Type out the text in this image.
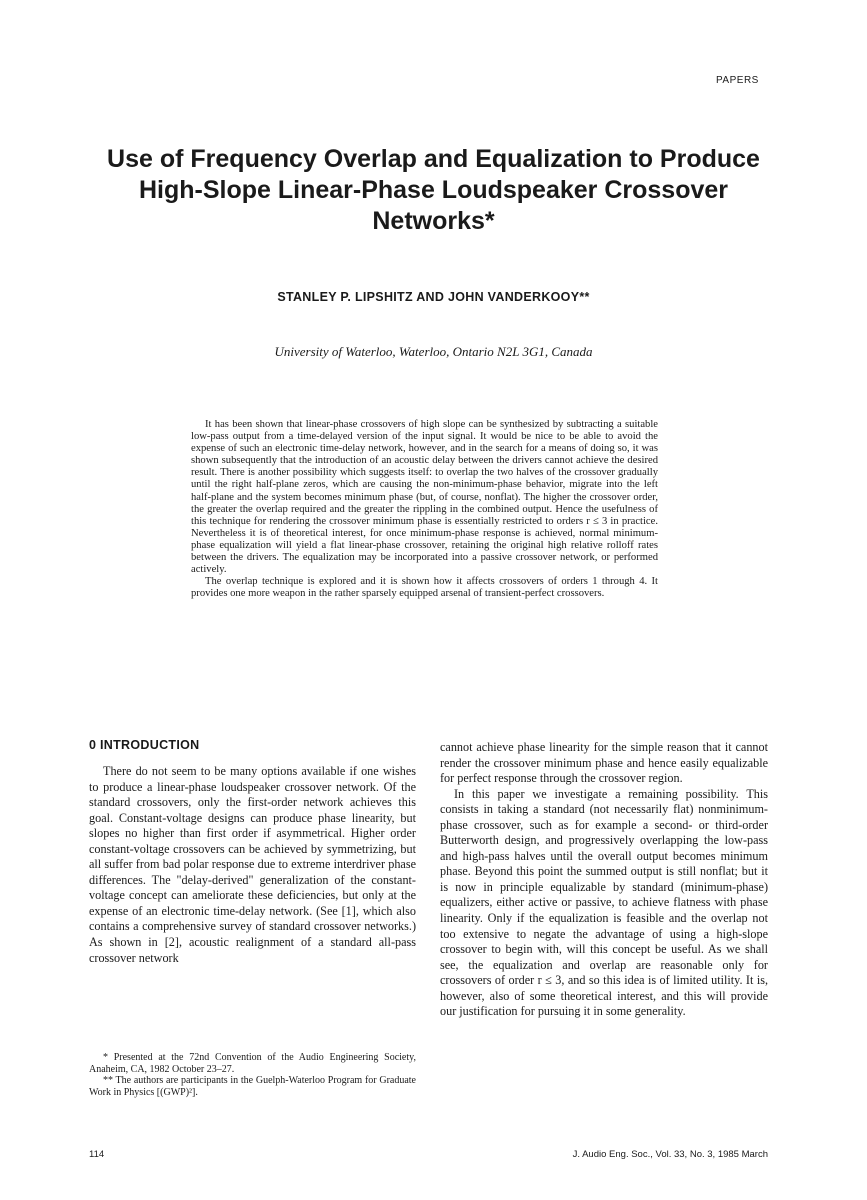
PAPERS
Use of Frequency Overlap and Equalization to Produce
High-Slope Linear-Phase Loudspeaker Crossover
Networks*
STANLEY P. LIPSHITZ AND JOHN VANDERKOOY**
University of Waterloo, Waterloo, Ontario N2L 3G1, Canada

It has been shown that linear-phase crossovers of high slope can be synthesized by subtracting a suitable low-pass output from a time-delayed version of the input signal. It would be nice to be able to avoid the expense of such an electronic time-delay network, however, and in the search for a means of doing so, it was shown subsequently that the introduction of an acoustic delay between the drivers cannot achieve the desired result. There is another possibility which suggests itself: to overlap the two halves of the crossover gradually until the right half-plane zeros, which are causing the non-minimum-phase behavior, migrate into the left half-plane and the system becomes minimum phase (but, of course, nonflat). The higher the crossover order, the greater the overlap required and the greater the rippling in the combined output. Hence the usefulness of this technique for rendering the crossover minimum phase is essentially restricted to orders r ≤ 3 in practice. Nevertheless it is of theoretical interest, for once minimum-phase response is achieved, normal minimum-phase equalization will yield a flat linear-phase crossover, retaining the original high relative rolloff rates between the drivers. The equalization may be incorporated into a passive crossover network, or performed actively.

The overlap technique is explored and it is shown how it affects crossovers of orders 1 through 4. It provides one more weapon in the rather sparsely equipped arsenal of transient-perfect crossovers.

0 INTRODUCTION

There do not seem to be many options available if one wishes to produce a linear-phase loudspeaker crossover network. Of the standard crossovers, only the first-order network achieves this goal. Constant-voltage designs can produce phase linearity, but slopes no higher than first order if asymmetrical. Higher order constant-voltage crossovers can be achieved by symmetrizing, but all suffer from bad polar response due to extreme interdriver phase differences. The "delay-derived" generalization of the constant-voltage concept can ameliorate these deficiencies, but only at the expense of an electronic time-delay network. (See [1], which also contains a comprehensive survey of standard crossover networks.) As shown in [2], acoustic realignment of a standard all-pass crossover network

* Presented at the 72nd Convention of the Audio Engineering Society, Anaheim, CA, 1982 October 23–27.

** The authors are participants in the Guelph-Waterloo Program for Graduate Work in Physics [(GWP)²].

cannot achieve phase linearity for the simple reason that it cannot render the crossover minimum phase and hence easily equalizable for perfect response through the crossover region.

In this paper we investigate a remaining possibility. This consists in taking a standard (not necessarily flat) nonminimum-phase crossover, such as for example a second- or third-order Butterworth design, and progressively overlapping the low-pass and high-pass halves until the overall output becomes minimum phase. Beyond this point the summed output is still nonflat; but it is now in principle equalizable by standard (minimum-phase) equalizers, either active or passive, to achieve flatness with phase linearity. Only if the equalization is feasible and the overlap not too extensive to negate the advantage of using a high-slope crossover to begin with, will this concept be useful. As we shall see, the equalization and overlap are reasonable only for crossovers of order r ≤ 3, and so this idea is of limited utility. It is, however, also of some theoretical interest, and this will provide our justification for pursuing it in some generality.

114	J. Audio Eng. Soc., Vol. 33, No. 3, 1985 March
